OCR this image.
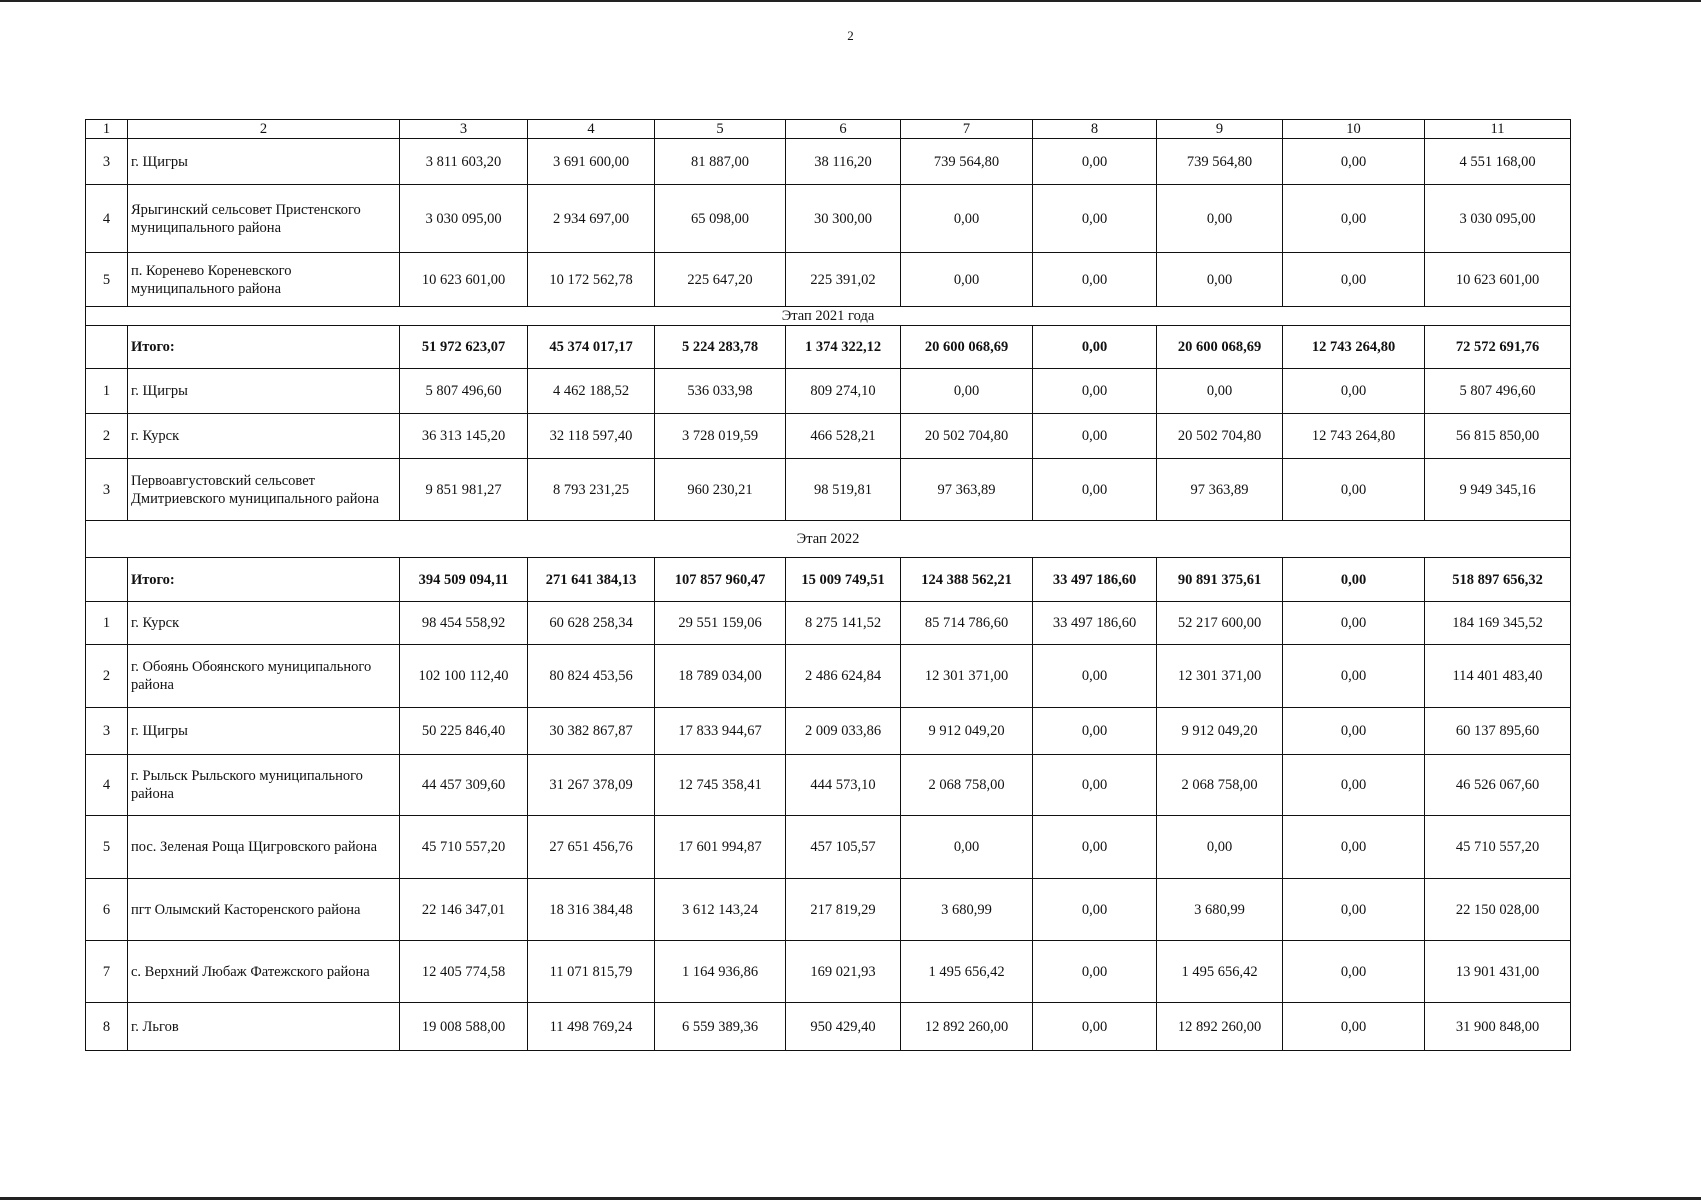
2
1	2	3	4	5	6	7	8	9	10	11
3	г. Щигры	3 811 603,20	3 691 600,00	81 887,00	38 116,20	739 564,80	0,00	739 564,80	0,00	4 551 168,00
4	Ярыгинский сельсовет Пристенского муниципального района	3 030 095,00	2 934 697,00	65 098,00	30 300,00	0,00	0,00	0,00	0,00	3 030 095,00
5	п. Кореневo Кореневского муниципального района	10 623 601,00	10 172 562,78	225 647,20	225 391,02	0,00	0,00	0,00	0,00	10 623 601,00
Этап 2021 года										
	Итого:	51 972 623,07	45 374 017,17	5 224 283,78	1 374 322,12	20 600 068,69	0,00	20 600 068,69	12 743 264,80	72 572 691,76
1	г. Щигры	5 807 496,60	4 462 188,52	536 033,98	809 274,10	0,00	0,00	0,00	0,00	5 807 496,60
2	г. Курск	36 313 145,20	32 118 597,40	3 728 019,59	466 528,21	20 502 704,80	0,00	20 502 704,80	12 743 264,80	56 815 850,00
3	Первоавгустовский сельсовет Дмитриевского муниципального района	9 851 981,27	8 793 231,25	960 230,21	98 519,81	97 363,89	0,00	97 363,89	0,00	9 949 345,16
Этап 2022										
	Итого:	394 509 094,11	271 641 384,13	107 857 960,47	15 009 749,51	124 388 562,21	33 497 186,60	90 891 375,61	0,00	518 897 656,32
1	г. Курск	98 454 558,92	60 628 258,34	29 551 159,06	8 275 141,52	85 714 786,60	33 497 186,60	52 217 600,00	0,00	184 169 345,52
2	г. Обоянь Обоянского муниципального района	102 100 112,40	80 824 453,56	18 789 034,00	2 486 624,84	12 301 371,00	0,00	12 301 371,00	0,00	114 401 483,40
3	г. Щигры	50 225 846,40	30 382 867,87	17 833 944,67	2 009 033,86	9 912 049,20	0,00	9 912 049,20	0,00	60 137 895,60
4	г. Рыльск Рыльского муниципального района	44 457 309,60	31 267 378,09	12 745 358,41	444 573,10	2 068 758,00	0,00	2 068 758,00	0,00	46 526 067,60
5	пос. Зеленая Роща Щигровского района	45 710 557,20	27 651 456,76	17 601 994,87	457 105,57	0,00	0,00	0,00	0,00	45 710 557,20
6	пгт Олымский Касторенского района	22 146 347,01	18 316 384,48	3 612 143,24	217 819,29	3 680,99	0,00	3 680,99	0,00	22 150 028,00
7	с. Верхний Любаж Фатежского района	12 405 774,58	11 071 815,79	1 164 936,86	169 021,93	1 495 656,42	0,00	1 495 656,42	0,00	13 901 431,00
8	г. Льгов	19 008 588,00	11 498 769,24	6 559 389,36	950 429,40	12 892 260,00	0,00	12 892 260,00	0,00	31 900 848,00
